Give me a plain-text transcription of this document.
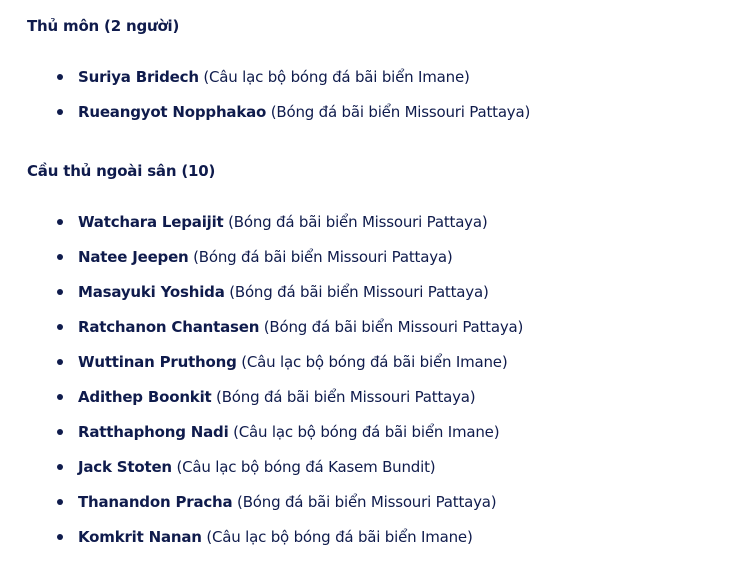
Thủ môn (2 người)
Suriya Bridech (Câu lạc bộ bóng đá bãi biển Imane)
Rueangyot Nopphakao (Bóng đá bãi biển Missouri Pattaya)
Cầu thủ ngoài sân (10)
Watchara Lepaijit (Bóng đá bãi biển Missouri Pattaya)
Natee Jeepen (Bóng đá bãi biển Missouri Pattaya)
Masayuki Yoshida (Bóng đá bãi biển Missouri Pattaya)
Ratchanon Chantasen (Bóng đá bãi biển Missouri Pattaya)
Wuttinan Pruthong (Câu lạc bộ bóng đá bãi biển Imane)
Adithep Boonkit (Bóng đá bãi biển Missouri Pattaya)
Ratthaphong Nadi (Câu lạc bộ bóng đá bãi biển Imane)
Jack Stoten (Câu lạc bộ bóng đá Kasem Bundit)
Thanandon Pracha (Bóng đá bãi biển Missouri Pattaya)
Komkrit Nanan (Câu lạc bộ bóng đá bãi biển Imane)
